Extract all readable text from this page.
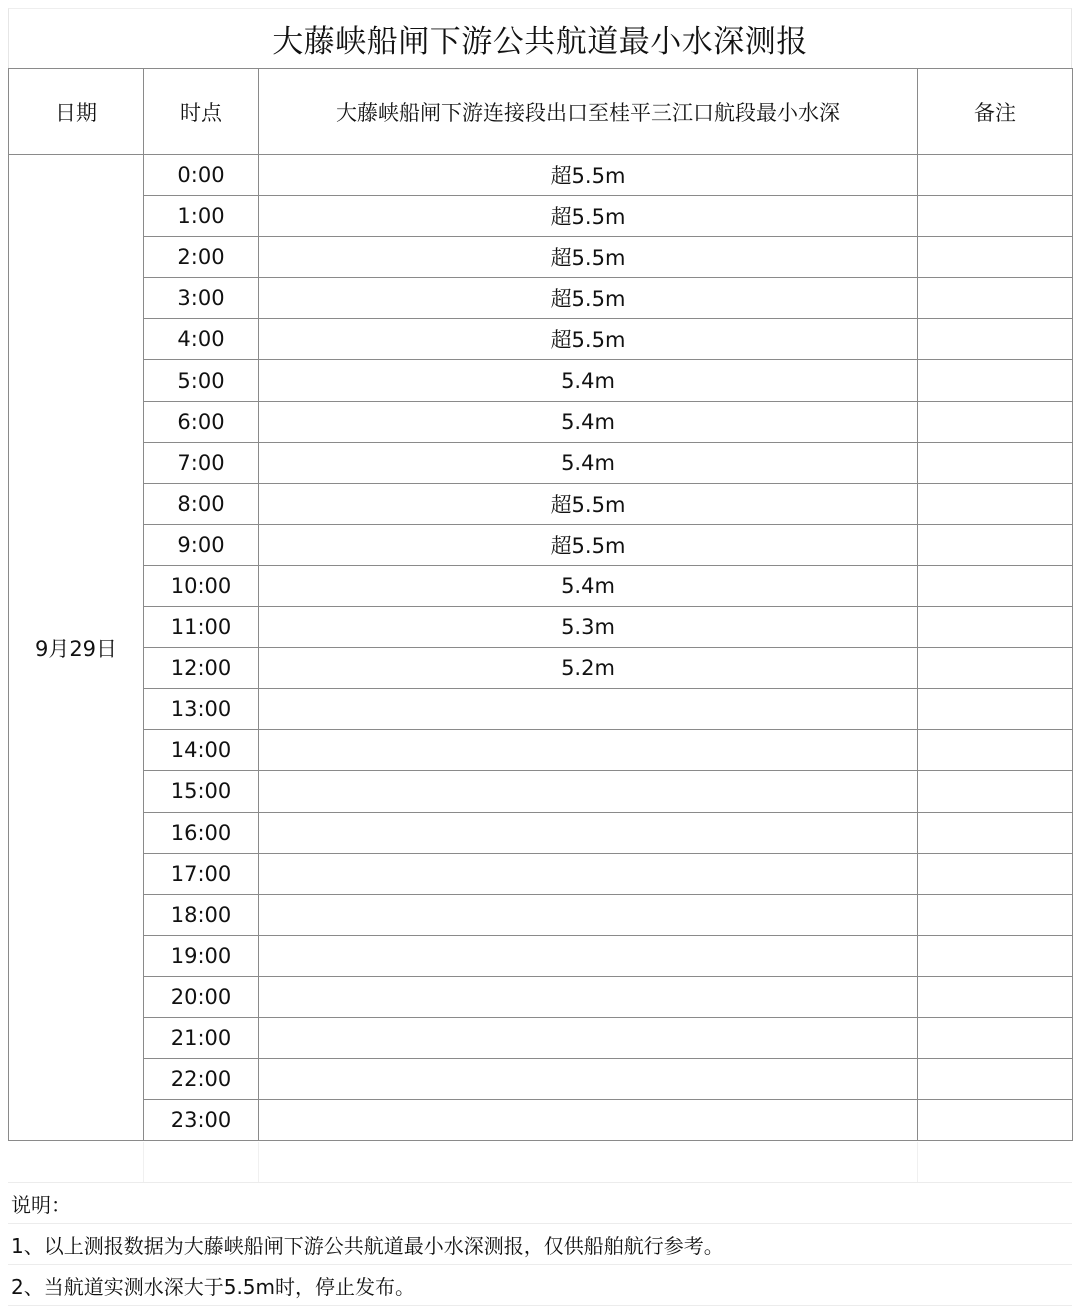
大藤峡船闸下游公共航道最小水深测报
日期	时点	大藤峡船闸下游连接段出口至桂平三江口航段最小水深	备注
9月29日	0:00	超5.5m	
	1:00	超5.5m	
	2:00	超5.5m	
	3:00	超5.5m	
	4:00	超5.5m	
	5:00	5.4m	
	6:00	5.4m	
	7:00	5.4m	
	8:00	超5.5m	
	9:00	超5.5m	
	10:00	5.4m	
	11:00	5.3m	
	12:00	5.2m	
	13:00		
	14:00		
	15:00		
	16:00		
	17:00		
	18:00		
	19:00		
	20:00		
	21:00		
	22:00		
	23:00		
说明：
1、以上测报数据为大藤峡船闸下游公共航道最小水深测报，仅供船舶航行参考。
2、当航道实测水深大于5.5m时，停止发布。
